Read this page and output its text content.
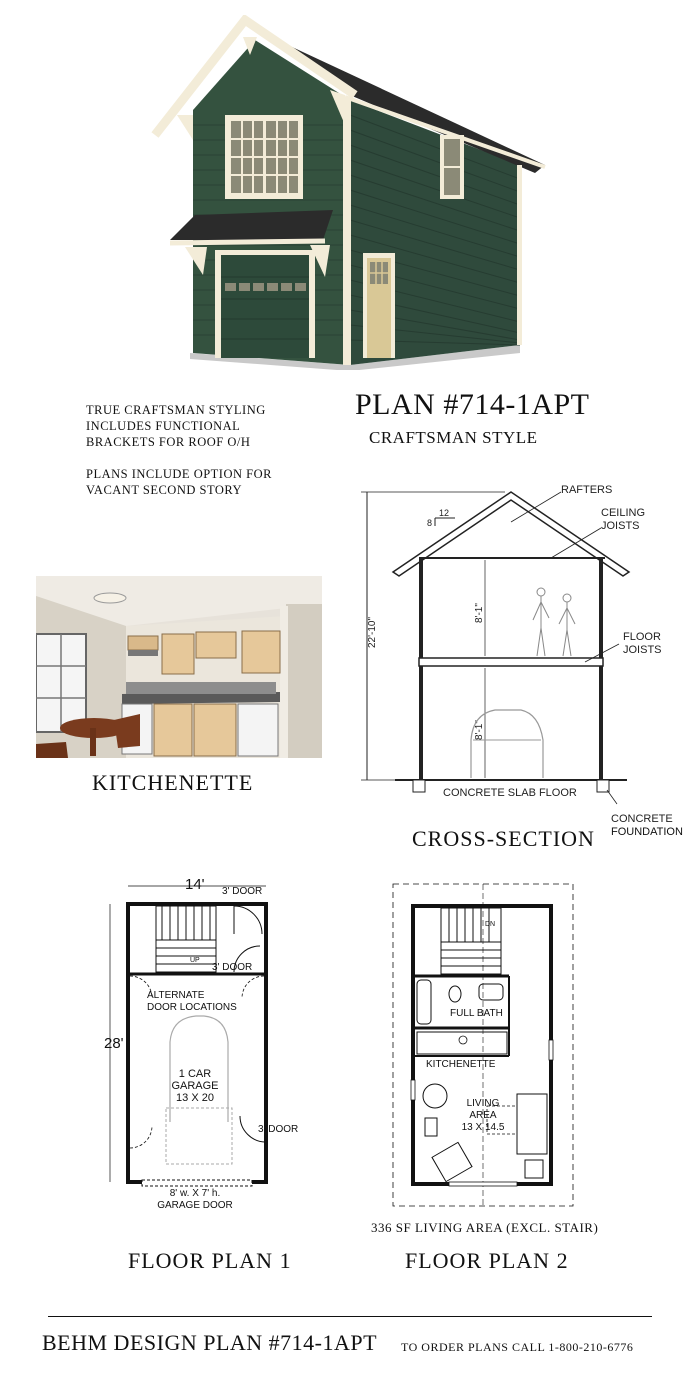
TRUE CRAFTSMAN STYLING
INCLUDES FUNCTIONAL
BRACKETS FOR ROOF O/H
PLANS INCLUDE OPTION FOR
VACANT SECOND STORY
PLAN #714-1APT
CRAFTSMAN STYLE
KITCHENETTE
22'-10"
12
8
8'-1"
8'-1"
RAFTERS
CEILING
JOISTS
FLOOR
JOISTS
CONCRETE SLAB FLOOR
CONCRETE
FOUNDATION
CROSS-SECTION
UP
14'
28'
3' DOOR
3' DOOR
ALTERNATE
DOOR LOCATIONS
1 CAR
GARAGE
13 X 20
3' DOOR
8' w. X 7' h.
GARAGE DOOR
FLOOR PLAN 1
DN
FULL BATH
KITCHENETTE
LIVING
AREA
13 X 14.5
336 SF LIVING AREA (EXCL. STAIR)
FLOOR PLAN 2
BEHM DESIGN PLAN #714-1APT TO ORDER PLANS CALL 1-800-210-6776
